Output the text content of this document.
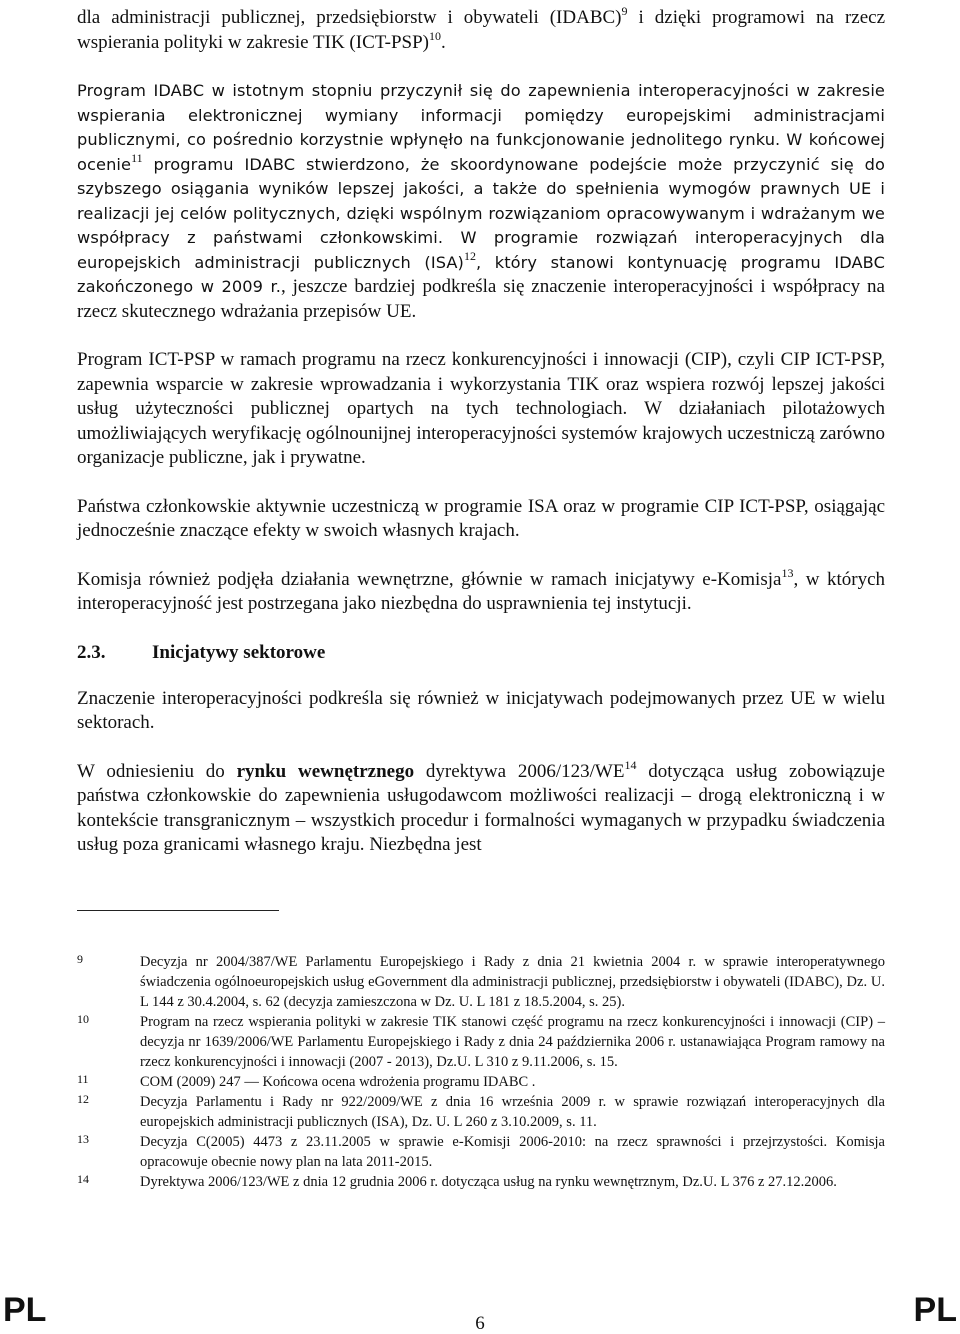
dla administracji publicznej, przedsiębiorstw i obywateli (IDABC)$^9$ i dzięki programowi na rzecz wspierania polityki w zakresie TIK $(ICT-PSP)^{10}$.

Program IDABC w istotnym stopniu przyczynił się do zapewnienia interoperacyjności w zakresie wspierania elektronicznej wymiany informacji pomiędzy europejskimi administracjami publicznymi, co pośrednio korzystnie wpłynęło na funkcjonowanie jednolitego rynku. W końcowej ocenie$^{11}$ programu IDABC stwierdzono, że skoordynowane podejście może przyczynić się do szybszego osiągania wyników lepszej jakości, a także do spełnienia wymogów prawnych UE i realizacji jej celów politycznych, dzięki wspólnym rozwiązaniom opracowywanym i wdrażanym we współpracy z państwami członkowskimi. W programie rozwiązań interoperacyjnych dla europejskich administracji publicznych (ISA)$^{12}$, który stanowi kontynuację programu IDABC zakończonego w 2009 r., jeszcze bardziej podkreśla się znaczenie interoperacyjności i współpracy na rzecz skutecznego wdrażania przepisów UE.

Program ICT-PSP w ramach programu na rzecz konkurencyjności i innowacji (CIP), czyli CIP ICT-PSP, zapewnia wsparcie w zakresie wprowadzania i wykorzystania TIK oraz wspiera rozwój lepszej jakości usług użyteczności publicznej opartych na tych technologiach. W działaniach pilotażowych umożliwiających weryfikację ogólnounijnej interoperacyjności systemów krajowych uczestniczą zarówno organizacje publiczne, jak i prywatne.

Państwa członkowskie aktywnie uczestniczą w programie ISA oraz w programie CIP ICT-PSP, osiągając jednocześnie znaczące efekty w swoich własnych krajach.

Komisja również podjęła działania wewnętrzne, głównie w ramach inicjatywy e-Komisja$^{13}$, w których interoperacyjność jest postrzegana jako niezbędna do usprawnienia tej instytucji.

2.3.	Inicjatywy sektorowe

Znaczenie interoperacyjności podkreśla się również w inicjatywach podejmowanych przez UE w wielu sektorach.

W odniesieniu do rynku wewnętrznego dyrektywa 2006/123/WE$^{14}$ dotycząca usług zobowiązuje państwa członkowskie do zapewnienia usługodawcom możliwości realizacji – drogą elektroniczną i w kontekście transgranicznym – wszystkich procedur i formalności wymaganych w przypadku świadczenia usług poza granicami własnego kraju. Niezbędna jest

9	Decyzja nr 2004/387/WE Parlamentu Europejskiego i Rady z dnia 21 kwietnia 2004 r. w sprawie interoperatywnego świadczenia ogólnoeuropejskich usług eGovernment dla administracji publicznej, przedsiębiorstw i obywateli (IDABC), Dz. U. L 144 z 30.4.2004, s. 62 (decyzja zamieszczona w Dz. U. L 181 z 18.5.2004, s. 25).
10	Program na rzecz wspierania polityki w zakresie TIK stanowi część programu na rzecz konkurencyjności i innowacji (CIP) – decyzja nr 1639/2006/WE Parlamentu Europejskiego i Rady z dnia 24 października 2006 r. ustanawiająca Program ramowy na rzecz konkurencyjności i innowacji (2007 - 2013), Dz.U. L 310 z 9.11.2006, s. 15.
11	COM (2009) 247 — Końcowa ocena wdrożenia programu IDABC .
12	Decyzja Parlamentu i Rady nr 922/2009/WE z dnia 16 września 2009 r. w sprawie rozwiązań interoperacyjnych dla europejskich administracji publicznych (ISA), Dz. U. L 260 z 3.10.2009, s. 11.
13	Decyzja C(2005) 4473 z 23.11.2005 w sprawie e-Komisji 2006-2010: na rzecz sprawności i przejrzystości. Komisja opracowuje obecnie nowy plan na lata 2011-2015.
14	Dyrektywa 2006/123/WE z dnia 12 grudnia 2006 r. dotycząca usług na rynku wewnętrznym, Dz.U. L 376 z 27.12.2006.
PL	6	PL
